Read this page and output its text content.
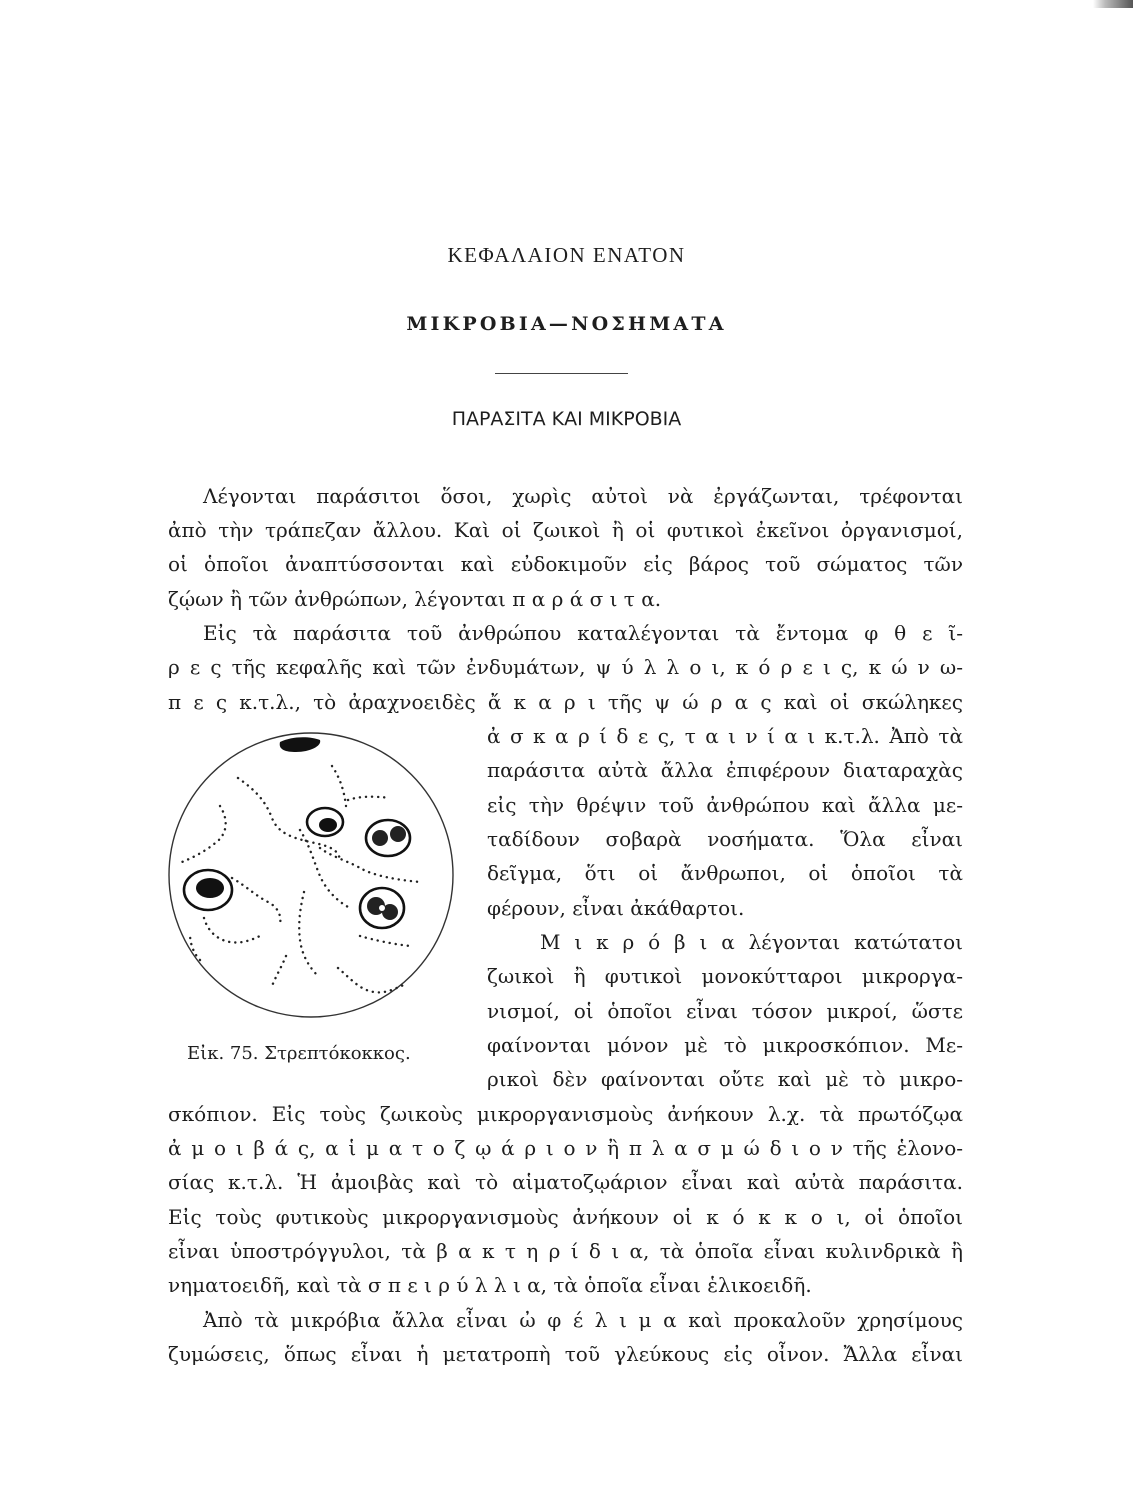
ΚΕΦΑΛΑΙΟΝ ΕΝΑΤΟΝ
ΜΙΚΡΟΒΙΑ—ΝΟΣΗΜΑΤΑ
ΠΑΡΑΣΙΤΑ ΚΑΙ ΜΙΚΡΟΒΙΑ
Λέγονται παράσιτοι ὅσοι, χωρὶς αὐτοὶ νὰ ἐργάζωνται, τρέφονται
ἀπὸ τὴν τράπεζαν ἄλλου. Καὶ οἱ ζωικοὶ ἢ οἱ φυτικοὶ ἐκεῖνοι ὀργανισμοί,
οἱ ὁποῖοι ἀναπτύσσονται καὶ εὐδοκιμοῦν εἰς βάρος τοῦ σώματος τῶν
ζῴων ἢ τῶν ἀνθρώπων, λέγονται π α ρ ά σ ι τ α.
Εἰς τὰ παράσιτα τοῦ ἀνθρώπου καταλέγονται τὰ ἔντομα φ θ ε ῖ-
ρ ε ς τῆς κεφαλῆς καὶ τῶν ἐνδυμάτων, ψ ύ λ λ ο ι, κ ό ρ ε ι ς, κ ώ ν ω-
π ε ς κ.τ.λ., τὸ ἀραχνοειδὲς ἄ κ α ρ ι τῆς ψ ώ ρ α ς καὶ οἱ σκώληκες
ἀ σ κ α ρ ί δ ε ς, τ α ι ν ί α ι κ.τ.λ. Ἀπὸ τὰ
παράσιτα αὐτὰ ἄλλα ἐπιφέρουν διαταραχὰς
εἰς τὴν θρέψιν τοῦ ἀνθρώπου καὶ ἄλλα με-
ταδίδουν σοβαρὰ νοσήματα. Ὅλα εἶναι
δεῖγμα, ὅτι οἱ ἄνθρωποι, οἱ ὁποῖοι τὰ
φέρουν, εἶναι ἀκάθαρτοι.
Μ ι κ ρ ό β ι α λέγονται κατώτατοι
ζωικοὶ ἢ φυτικοὶ μονοκύτταροι μικροργα-
νισμοί, οἱ ὁποῖοι εἶναι τόσον μικροί, ὥστε
φαίνονται μόνον μὲ τὸ μικροσκόπιον. Με-
ρικοὶ δὲν φαίνονται οὔτε καὶ μὲ τὸ μικρο-
σκόπιον. Εἰς τοὺς ζωικοὺς μικροργανισμοὺς ἀνήκουν λ.χ. τὰ πρωτόζῳα
ἀ μ ο ι β ά ς, α ἱ μ α τ ο ζ ῳ ά ρ ι ο ν ἢ π λ α σ μ ώ δ ι ο ν τῆς ἑλονο-
σίας κ.τ.λ. Ἡ ἀμοιβὰς καὶ τὸ αἱματοζῳάριον εἶναι καὶ αὐτὰ παράσιτα.
Εἰς τοὺς φυτικοὺς μικροργανισμοὺς ἀνήκουν οἱ κ ό κ κ ο ι, οἱ ὁποῖοι
εἶναι ὑποστρόγγυλοι, τὰ β α κ τ η ρ ί δ ι α, τὰ ὁποῖα εἶναι κυλινδρικὰ ἢ
νηματοειδῆ, καὶ τὰ σ π ε ι ρ ύ λ λ ι α, τὰ ὁποῖα εἶναι ἑλικοειδῆ.
Ἀπὸ τὰ μικρόβια ἄλλα εἶναι ὠ φ έ λ ι μ α καὶ προκαλοῦν χρησίμους
ζυμώσεις, ὅπως εἶναι ἡ μετατροπὴ τοῦ γλεύκους εἰς οἶνον. Ἄλλα εἶναι
Εἰκ. 75. Στρεπτόκοκκος.
